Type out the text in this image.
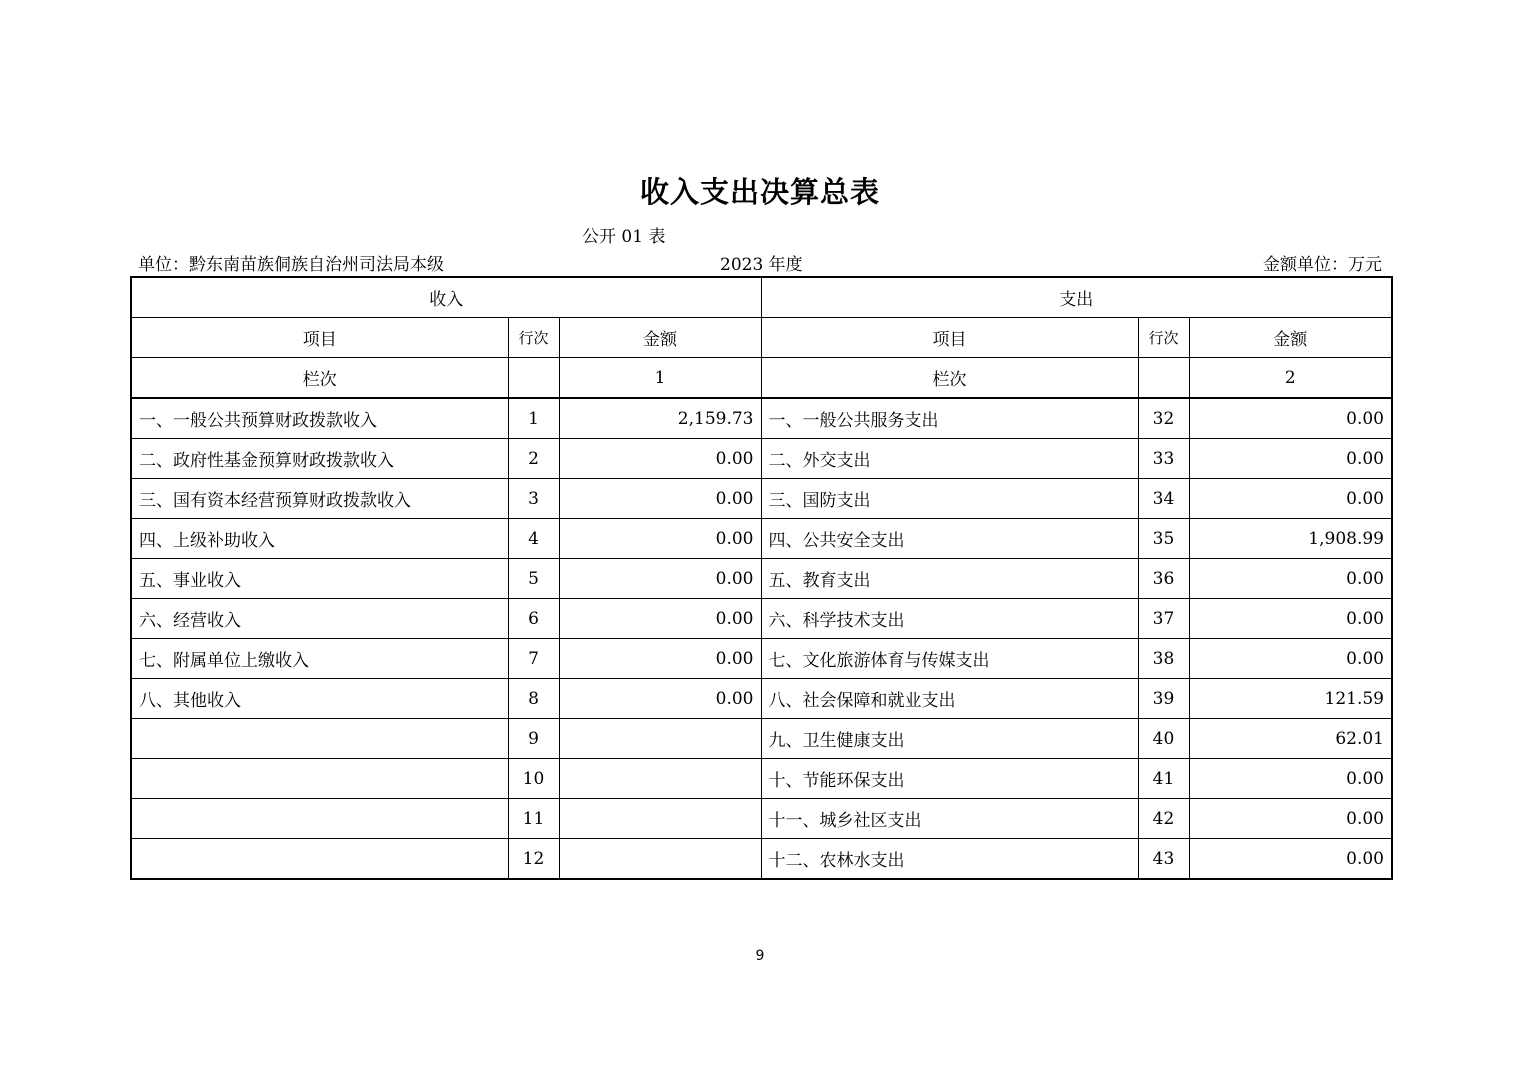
收入支出决算总表
公开 01 表
单位：黔东南苗族侗族自治州司法局本级	2023 年度	金额单位：万元
收入			支出		
项目	行次	金额	项目	行次	金额
栏次		1	栏次		2
一、一般公共预算财政拨款收入	1	2,159.73	一、一般公共服务支出	32	0.00
二、政府性基金预算财政拨款收入	2	0.00	二、外交支出	33	0.00
三、国有资本经营预算财政拨款收入	3	0.00	三、国防支出	34	0.00
四、上级补助收入	4	0.00	四、公共安全支出	35	1,908.99
五、事业收入	5	0.00	五、教育支出	36	0.00
六、经营收入	6	0.00	六、科学技术支出	37	0.00
七、附属单位上缴收入	7	0.00	七、文化旅游体育与传媒支出	38	0.00
八、其他收入	8	0.00	八、社会保障和就业支出	39	121.59
	9		九、卫生健康支出	40	62.01
	10		十、节能环保支出	41	0.00
	11		十一、城乡社区支出	42	0.00
	12		十二、农林水支出	43	0.00
9
